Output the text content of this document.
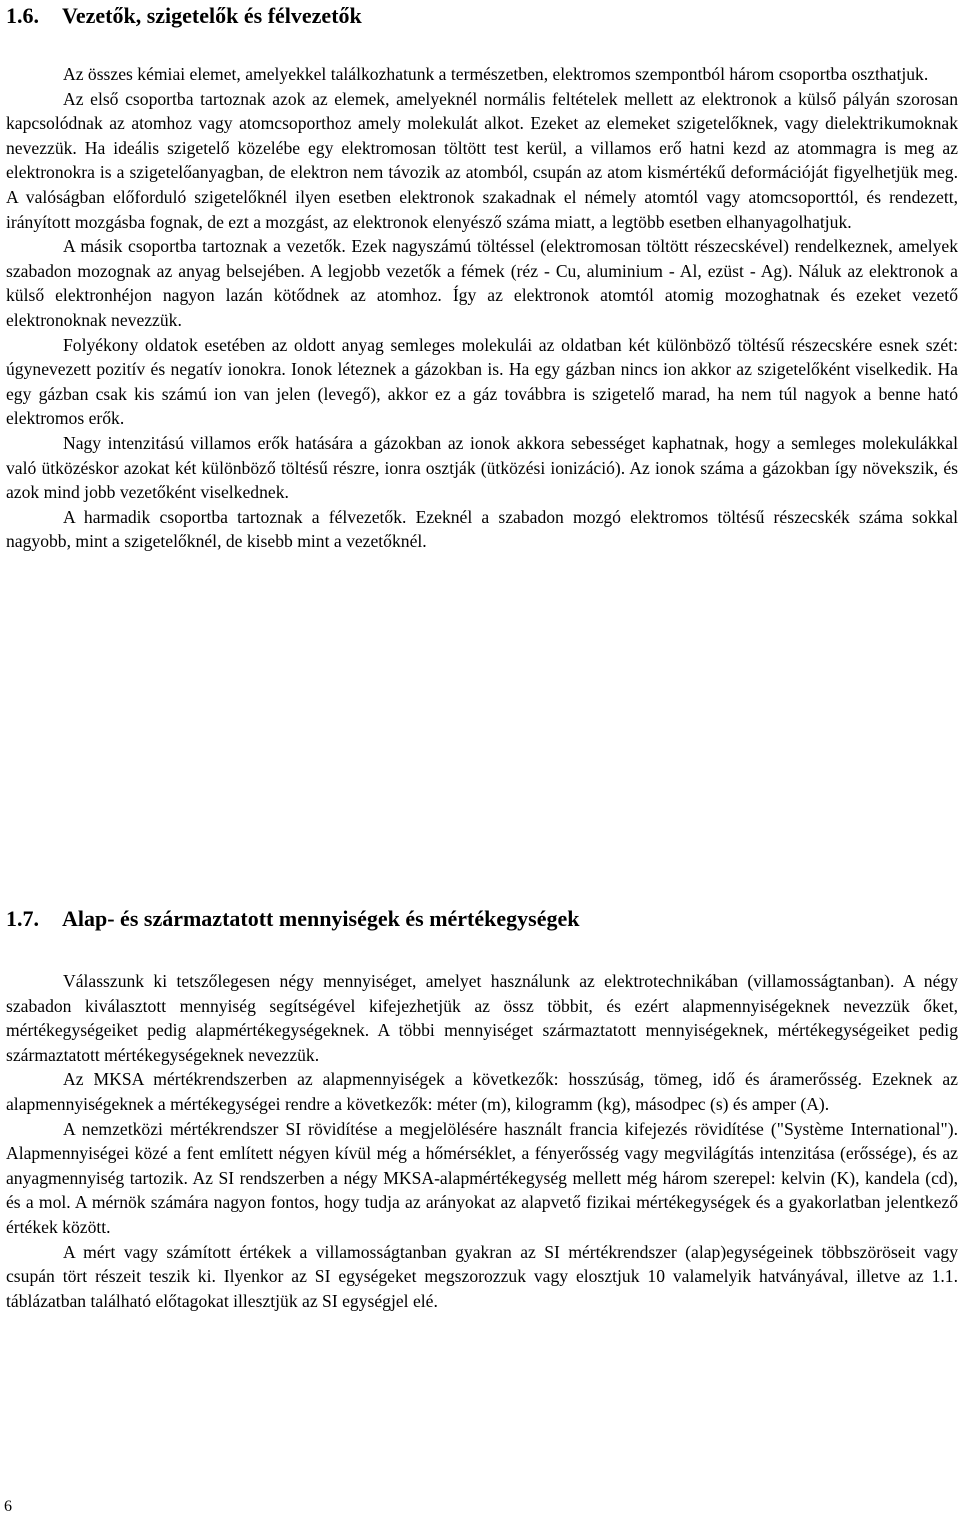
1.6. Vezetők, szigetelők és félvezetők

Az összes kémiai elemet, amelyekkel találkozhatunk a természetben, elektromos szempontból három csoportba oszthatjuk.

Az első csoportba tartoznak azok az elemek, amelyeknél normális feltételek mellett az elektronok a külső pályán szorosan kapcsolódnak az atomhoz vagy atomcsoporthoz amely molekulát alkot. Ezeket az elemeket szigetelőknek, vagy dielektrikumoknak nevezzük. Ha ideális szigetelő közelébe egy elektromosan töltött test kerül, a villamos erő hatni kezd az atommagra is meg az elektronokra is a szigetelőanyagban, de elektron nem távozik az atomból, csupán az atom kismértékű deformációját figyelhetjük meg. A valóságban előforduló szigetelőknél ilyen esetben elektronok szakadnak el némely atomtól vagy atomcsoporttól, és rendezett, irányított mozgásba fognak, de ezt a mozgást, az elektronok elenyésző száma miatt, a legtöbb esetben elhanyagolhatjuk.

A másik csoportba tartoznak a vezetők. Ezek nagyszámú töltéssel (elektromosan töltött részecskével) rendelkeznek, amelyek szabadon mozognak az anyag belsejében. A legjobb vezetők a fémek (réz - Cu, aluminium - Al, ezüst - Ag). Náluk az elektronok a külső elektronhéjon nagyon lazán kötődnek az atomhoz. Így az elektronok atomtól atomig mozoghatnak és ezeket vezető elektronoknak nevezzük.

Folyékony oldatok esetében az oldott anyag semleges molekulái az oldatban két különböző töltésű részecskére esnek szét: úgynevezett pozitív és negatív ionokra. Ionok léteznek a gázokban is. Ha egy gázban nincs ion akkor az szigetelőként viselkedik. Ha egy gázban csak kis számú ion van jelen (levegő), akkor ez a gáz továbbra is szigetelő marad, ha nem túl nagyok a benne ható elektromos erők.

Nagy intenzitású villamos erők hatására a gázokban az ionok akkora sebességet kaphatnak, hogy a semleges molekulákkal való ütközéskor azokat két különböző töltésű részre, ionra osztják (ütközési ionizáció). Az ionok száma a gázokban így növekszik, és azok mind jobb vezetőként viselkednek.

A harmadik csoportba tartoznak a félvezetők. Ezeknél a szabadon mozgó elektromos töltésű részecskék száma sokkal nagyobb, mint a szigetelőknél, de kisebb mint a vezetőknél.

1.7. Alap- és származtatott mennyiségek és mértékegységek

Válasszunk ki tetszőlegesen négy mennyiséget, amelyet használunk az elektrotechnikában (villamosságtanban). A négy szabadon kiválasztott mennyiség segítségével kifejezhetjük az össz többit, és ezért alapmennyiségeknek nevezzük őket, mértékegységeiket pedig alapmértékegységeknek. A többi mennyiséget származtatott mennyiségeknek, mértékegységeiket pedig származtatott mértékegységeknek nevezzük.

Az MKSA mértékrendszerben az alapmennyiségek a következők: hosszúság, tömeg, idő és áramerősség. Ezeknek az alapmennyiségeknek a mértékegységei rendre a következők: méter (m), kilogramm (kg), másodpec (s) és amper (A).

A nemzetközi mértékrendszer SI rövidítése a megjelölésére használt francia kifejezés rövidítése ("Système International"). Alapmennyiségei közé a fent említett négyen kívül még a hőmérséklet, a fényerősség vagy megvilágítás intenzitása (erőssége), és az anyagmennyiség tartozik. Az SI rendszerben a négy MKSA-alapmértékegység mellett még három szerepel: kelvin (K), kandela (cd), és a mol. A mérnök számára nagyon fontos, hogy tudja az arányokat az alapvető fizikai mértékegységek és a gyakorlatban jelentkező értékek között.

A mért vagy számított értékek a villamosságtanban gyakran az SI mértékrendszer (alap)egységeinek többszöröseit vagy csupán tört részeit teszik ki. Ilyenkor az SI egységeket megszorozzuk vagy elosztjuk 10 valamelyik hatványával, illetve az 1.1. táblázatban található előtagokat illesztjük az SI egységjel elé.

6
